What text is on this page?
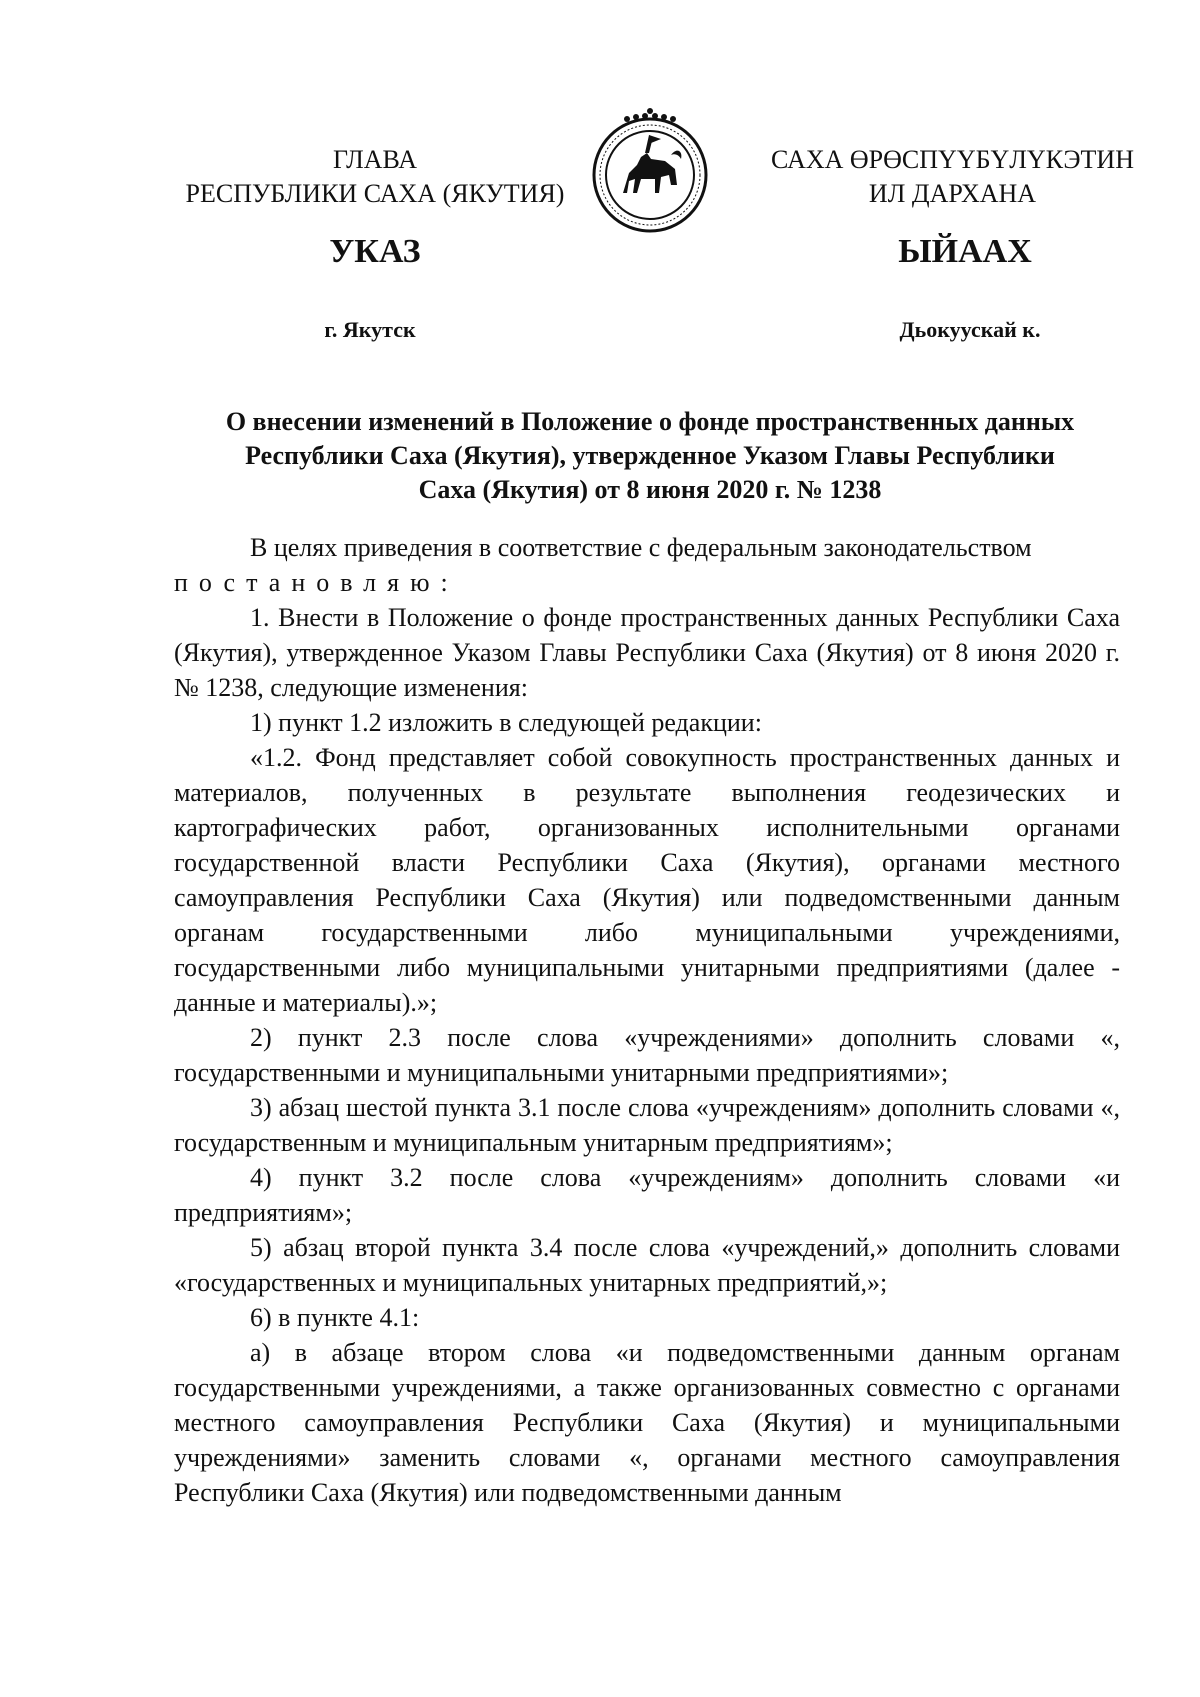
ГЛАВА
РЕСПУБЛИКИ САХА (ЯКУТИЯ)
САХА ӨРӨСПҮҮБҮЛҮКЭТИН
ИЛ ДАРХАНА
УКАЗ	ЫЙААХ
г. Якутск	Дьокуускай к.
О внесении изменений в Положение о фонде пространственных данных
Республики Саха (Якутия), утвержденное Указом Главы Республики
Саха (Якутия) от 8 июня 2020 г. № 1238

В целях приведения в соответствие с федеральным законодательством

постановляю:

1. Внести в Положение о фонде пространственных данных Республики Саха (Якутия), утвержденное Указом Главы Республики Саха (Якутия) от 8 июня 2020 г. № 1238, следующие изменения:

1) пункт 1.2 изложить в следующей редакции:

«1.2. Фонд представляет собой совокупность пространственных данных и материалов, полученных в результате выполнения геодезических и картографических работ, организованных исполнительными органами государственной власти Республики Саха (Якутия), органами местного самоуправления Республики Саха (Якутия) или подведомственными данным органам государственными либо муниципальными учреждениями, государственными либо муниципальными унитарными предприятиями (далее - данные и материалы).»;

2) пункт 2.3 после слова «учреждениями» дополнить словами «, государственными и муниципальными унитарными предприятиями»;

3) абзац шестой пункта 3.1 после слова «учреждениям» дополнить словами «, государственным и муниципальным унитарным предприятиям»;

4) пункт 3.2 после слова «учреждениям» дополнить словами «и предприятиям»;

5) абзац второй пункта 3.4 после слова «учреждений,» дополнить словами «государственных и муниципальных унитарных предприятий,»;

6) в пункте 4.1:

а) в абзаце втором слова «и подведомственными данным органам государственными учреждениями, а также организованных совместно с органами местного самоуправления Республики Саха (Якутия) и муниципальными учреждениями» заменить словами «, органами местного самоуправления Республики Саха (Якутия) или подведомственными данным
